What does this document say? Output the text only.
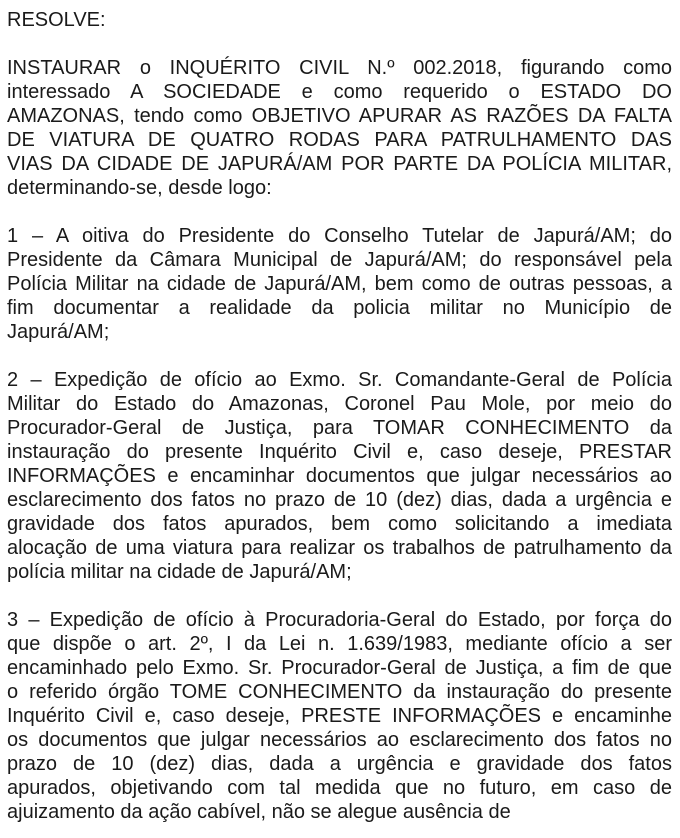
RESOLVE:

INSTAURAR o INQUÉRITO CIVIL N.º 002.2018, figurando como
interessado A SOCIEDADE e como requerido o ESTADO DO
AMAZONAS, tendo como OBJETIVO APURAR AS RAZÕES DA FALTA
DE VIATURA DE QUATRO RODAS PARA PATRULHAMENTO DAS
VIAS DA CIDADE DE JAPURÁ/AM POR PARTE DA POLÍCIA MILITAR,
determinando-se, desde logo:

1 – A oitiva do Presidente do Conselho Tutelar de Japurá/AM; do
Presidente da Câmara Municipal de Japurá/AM; do responsável pela
Polícia Militar na cidade de Japurá/AM, bem como de outras pessoas, a
fim documentar a realidade da policia militar no Município de
Japurá/AM;

2 – Expedição de ofício ao Exmo. Sr. Comandante-Geral de Polícia
Militar do Estado do Amazonas, Coronel Pau Mole, por meio do
Procurador-Geral de Justiça, para TOMAR CONHECIMENTO da
instauração do presente Inquérito Civil e, caso deseje, PRESTAR
INFORMAÇÕES e encaminhar documentos que julgar necessários ao
esclarecimento dos fatos no prazo de 10 (dez) dias, dada a urgência e
gravidade dos fatos apurados, bem como solicitando a imediata
alocação de uma viatura para realizar os trabalhos de patrulhamento da
polícia militar na cidade de Japurá/AM;

3 – Expedição de ofício à Procuradoria-Geral do Estado, por força do
que dispõe o art. 2º, I da Lei n. 1.639/1983, mediante ofício a ser
encaminhado pelo Exmo. Sr. Procurador-Geral de Justiça, a fim de que
o referido órgão TOME CONHECIMENTO da instauração do presente
Inquérito Civil e, caso deseje, PRESTE INFORMAÇÕES e encaminhe
os documentos que julgar necessários ao esclarecimento dos fatos no
prazo de 10 (dez) dias, dada a urgência e gravidade dos fatos
apurados, objetivando com tal medida que no futuro, em caso de
ajuizamento da ação cabível, não se alegue ausência de
